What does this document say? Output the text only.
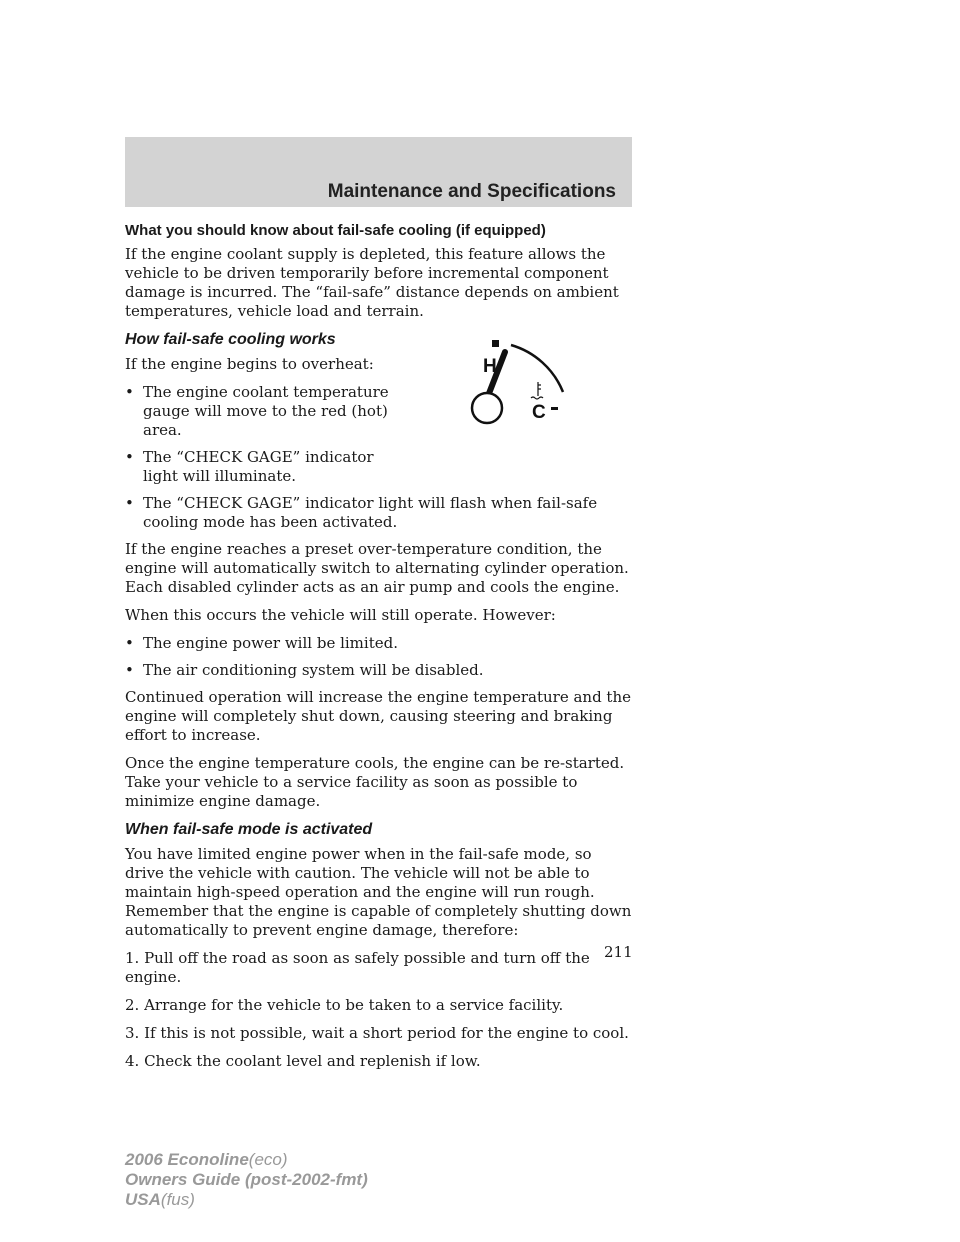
Maintenance and Specifications
What you should know about fail-safe cooling (if equipped)

If the engine coolant supply is depleted, this feature allows the vehicle to be driven temporarily before incremental component damage is incurred. The “fail-safe” distance depends on ambient temperatures, vehicle load and terrain.

How fail-safe cooling works

If the engine begins to overheat:

• The engine coolant temperature gauge will move to the red (hot) area.
• The “CHECK GAGE” indicator light will illuminate.
• The “CHECK GAGE” indicator light will flash when fail-safe cooling mode has been activated.

If the engine reaches a preset over-temperature condition, the engine will automatically switch to alternating cylinder operation. Each disabled cylinder acts as an air pump and cools the engine.

When this occurs the vehicle will still operate. However:

• The engine power will be limited.
• The air conditioning system will be disabled.

Continued operation will increase the engine temperature and the engine will completely shut down, causing steering and braking effort to increase.

Once the engine temperature cools, the engine can be re-started. Take your vehicle to a service facility as soon as possible to minimize engine damage.

When fail-safe mode is activated

You have limited engine power when in the fail-safe mode, so drive the vehicle with caution. The vehicle will not be able to maintain high-speed operation and the engine will run rough. Remember that the engine is capable of completely shutting down automatically to prevent engine damage, therefore:

1. Pull off the road as soon as safely possible and turn off the engine.

2. Arrange for the vehicle to be taken to a service facility.

3. If this is not possible, wait a short period for the engine to cool.

4. Check the coolant level and replenish if low.

H
C
211
2006 Econoline(eco)
Owners Guide (post-2002-fmt)
USA(fus)
